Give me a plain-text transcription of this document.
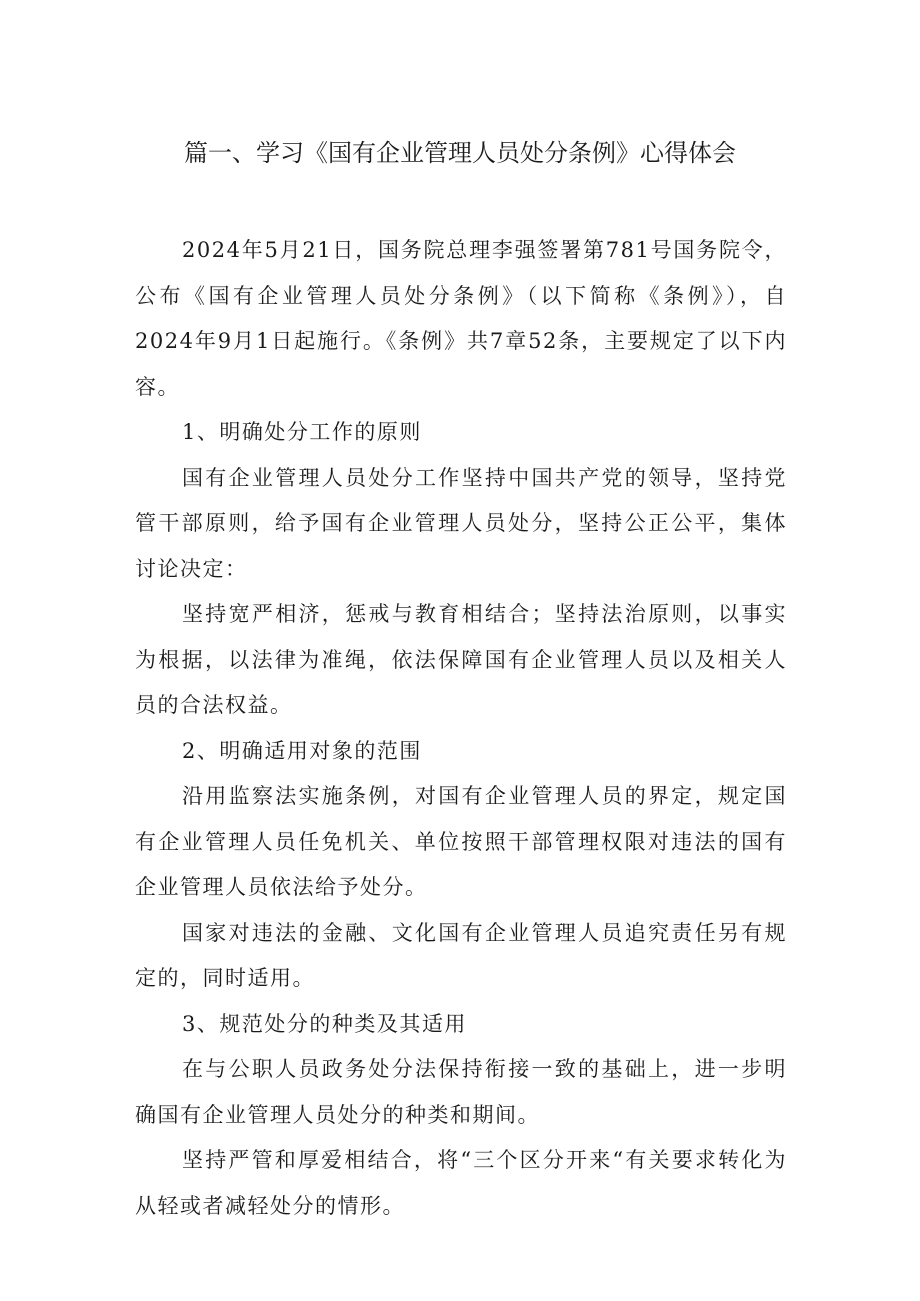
篇一、学习《国有企业管理人员处分条例》心得体会

2024年5月21日，国务院总理李强签署第781号国务院令，公布《国有企业管理人员处分条例》（以下简称《条例》），自2024年9月1日起施行。《条例》共7章52条，主要规定了以下内容。

1、明确处分工作的原则

国有企业管理人员处分工作坚持中国共产党的领导，坚持党管干部原则，给予国有企业管理人员处分，坚持公正公平，集体讨论决定：

坚持宽严相济，惩戒与教育相结合；坚持法治原则，以事实为根据，以法律为准绳，依法保障国有企业管理人员以及相关人员的合法权益。

2、明确适用对象的范围

沿用监察法实施条例，对国有企业管理人员的界定，规定国有企业管理人员任免机关、单位按照干部管理权限对违法的国有企业管理人员依法给予处分。

国家对违法的金融、文化国有企业管理人员追究责任另有规定的，同时适用。

3、规范处分的种类及其适用

在与公职人员政务处分法保持衔接一致的基础上，进一步明确国有企业管理人员处分的种类和期间。

坚持严管和厚爱相结合，将“三个区分开来“有关要求转化为从轻或者减轻处分的情形。
